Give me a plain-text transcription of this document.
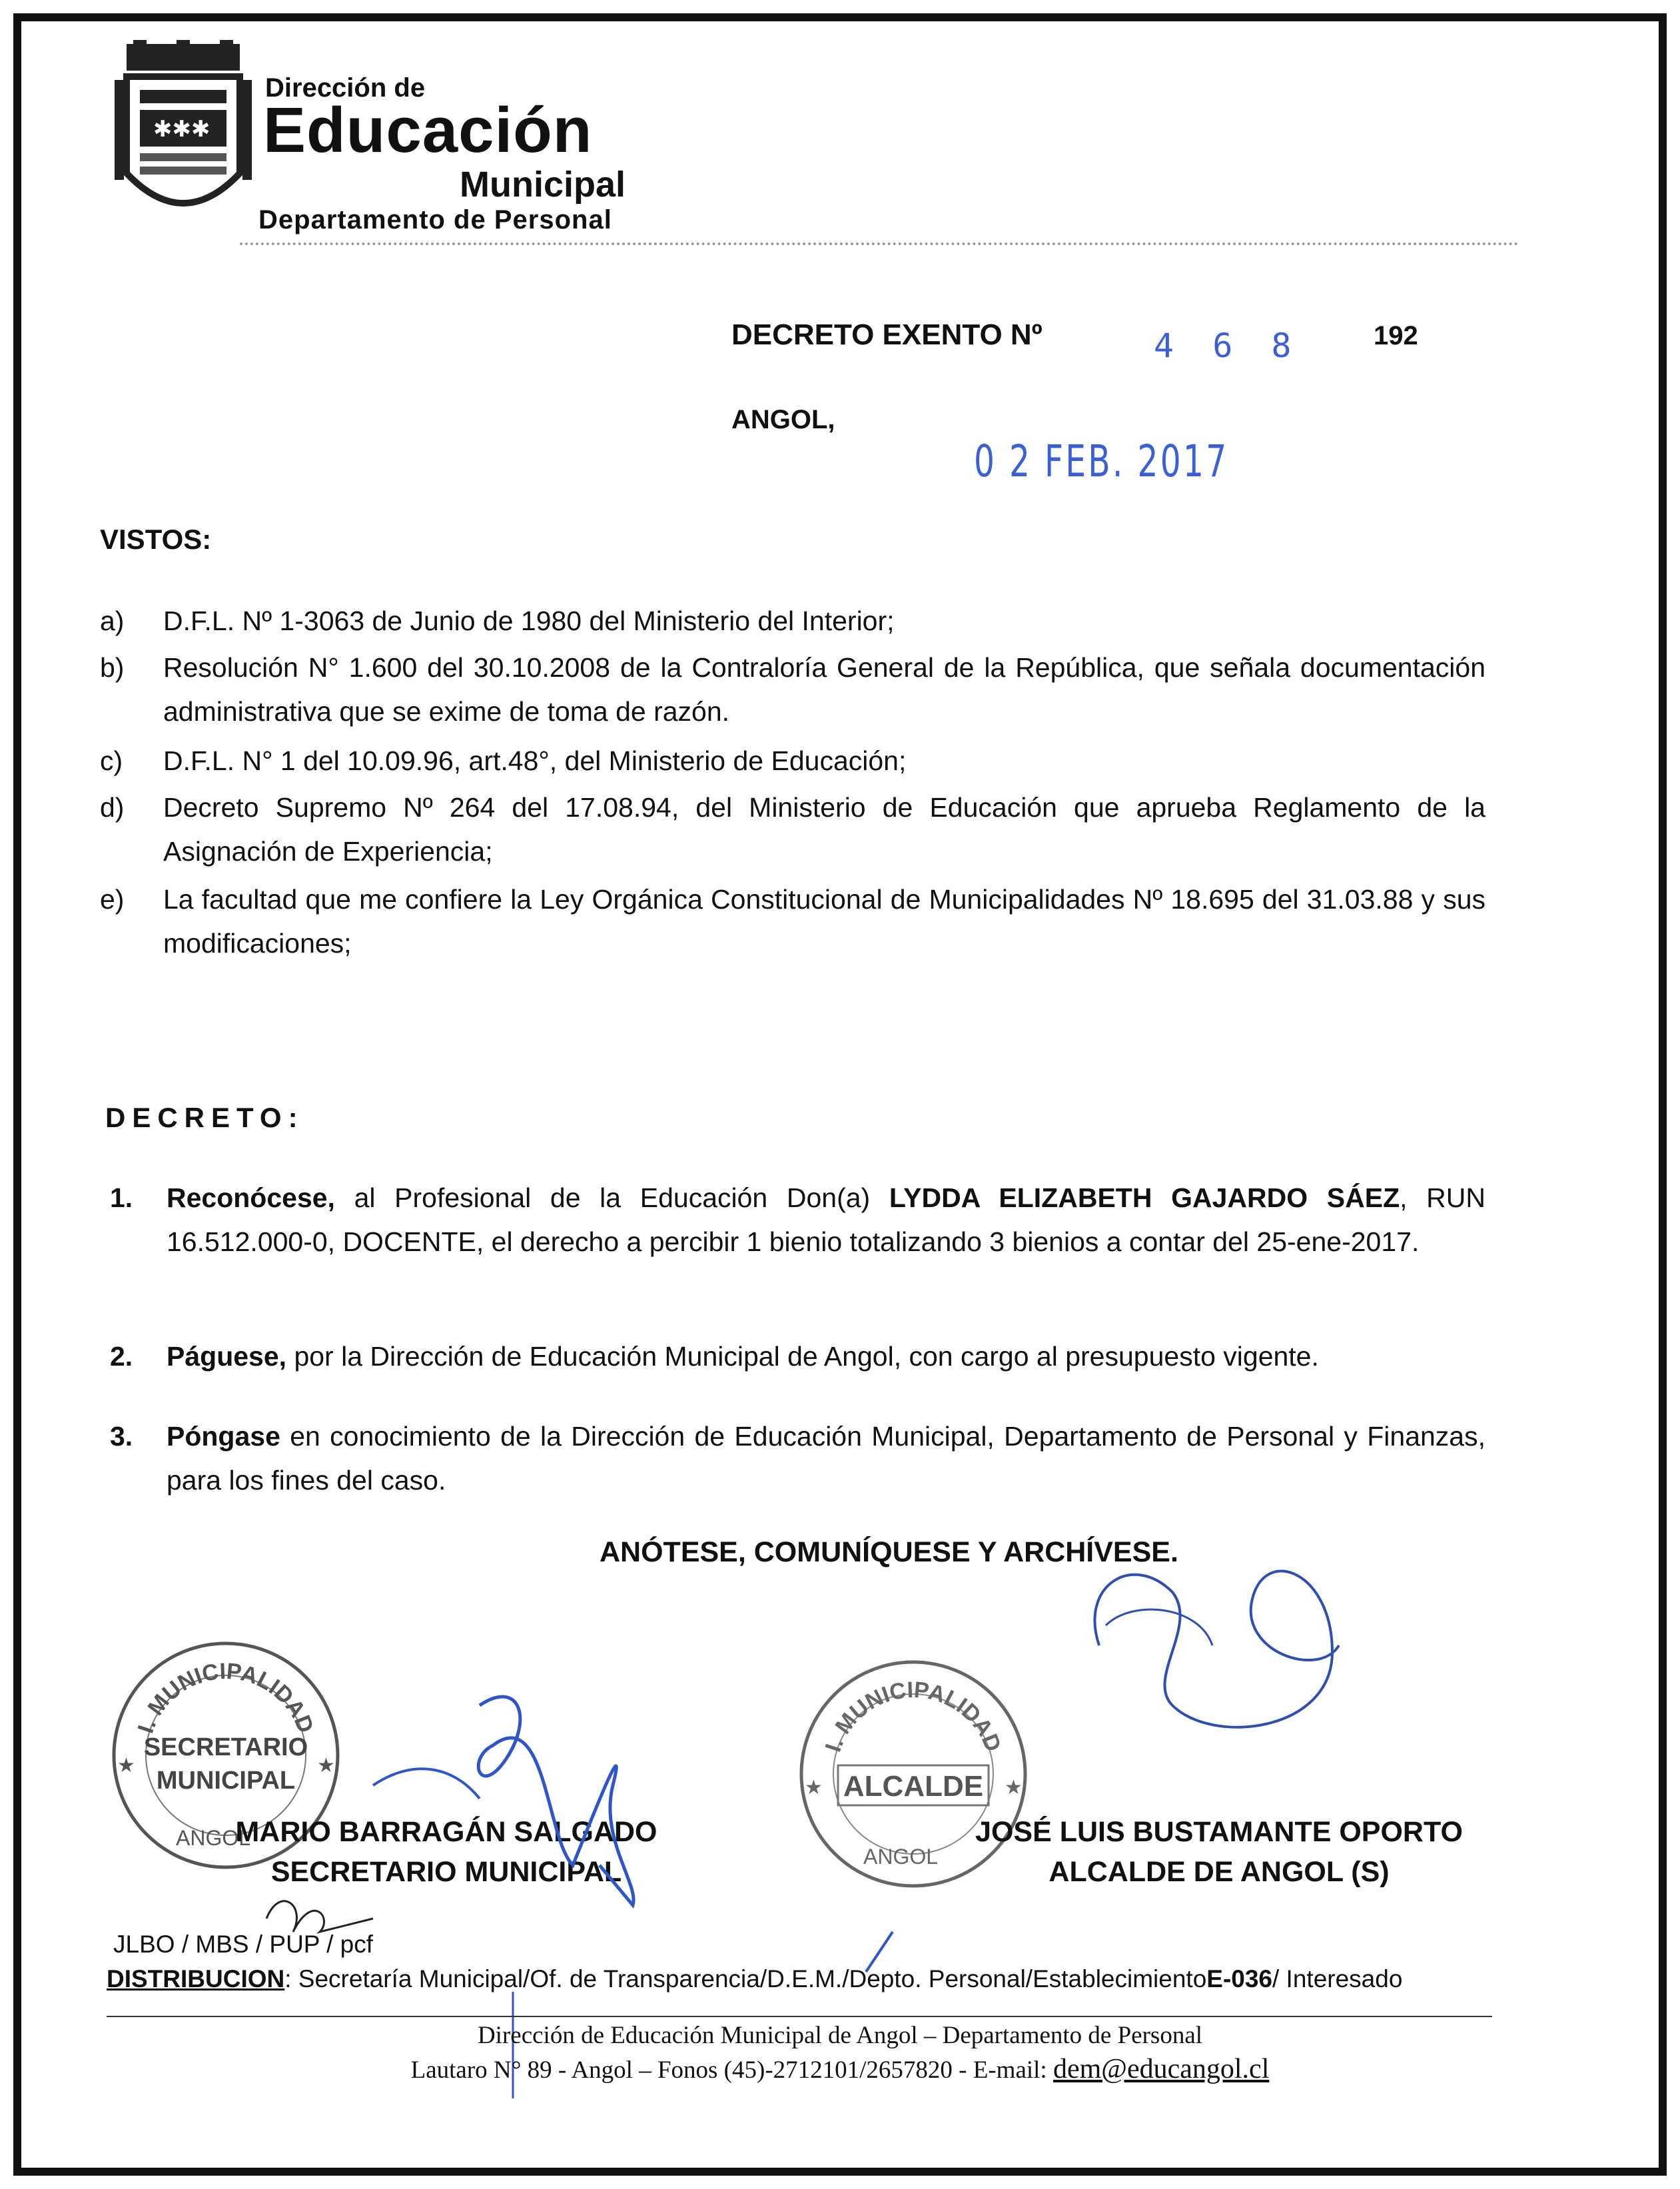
✱✱✱
Dirección de
Educación
Municipal
Departamento de Personal
DECRETO EXENTO Nº	4 6 8	192
ANGOL,
0 2 FEB. 2017
VISTOS:
a) D.F.L. Nº 1-3063 de Junio de 1980 del Ministerio del Interior;
b) Resolución N° 1.600 del 30.10.2008 de la Contraloría General de la República, que señala documentación administrativa que se exime de toma de razón.
c) D.F.L. N° 1 del 10.09.96, art.48°, del Ministerio de Educación;
d) Decreto Supremo Nº 264 del 17.08.94, del Ministerio de Educación que aprueba Reglamento de la Asignación de Experiencia;
e) La facultad que me confiere la Ley Orgánica Constitucional de Municipalidades Nº 18.695 del 31.03.88 y sus modificaciones;
DECRETO:
1. Reconócese, al Profesional de la Educación Don(a) LYDDA ELIZABETH GAJARDO SÁEZ, RUN 16.512.000-0, DOCENTE, el derecho a percibir 1 bienio totalizando 3 bienios a contar del 25-ene-2017.
2. Páguese, por la Dirección de Educación Municipal de Angol, con cargo al presupuesto vigente.
3. Póngase en conocimiento de la Dirección de Educación Municipal, Departamento de Personal y Finanzas, para los fines del caso.
ANÓTESE, COMUNÍQUESE Y ARCHÍVESE.
I. MUNICIPALIDAD
SECRETARIO
MUNICIPAL
ANGOL
★	★
I. MUNICIPALIDAD
ALCALDE
ANGOL
★	★
MARIO BARRAGÁN SALGADO
SECRETARIO MUNICIPAL
JOSÉ LUIS BUSTAMANTE OPORTO
ALCALDE DE ANGOL (S)
JLBO / MBS / PUP / pcf
DISTRIBUCION: Secretaría Municipal/Of. de Transparencia/D.E.M./Depto. Personal/EstablecimientoE-036/ Interesado
Dirección de Educación Municipal de Angol – Departamento de Personal
Lautaro N° 89 - Angol – Fonos (45)-2712101/2657820 - E-mail: dem@educangol.cl
